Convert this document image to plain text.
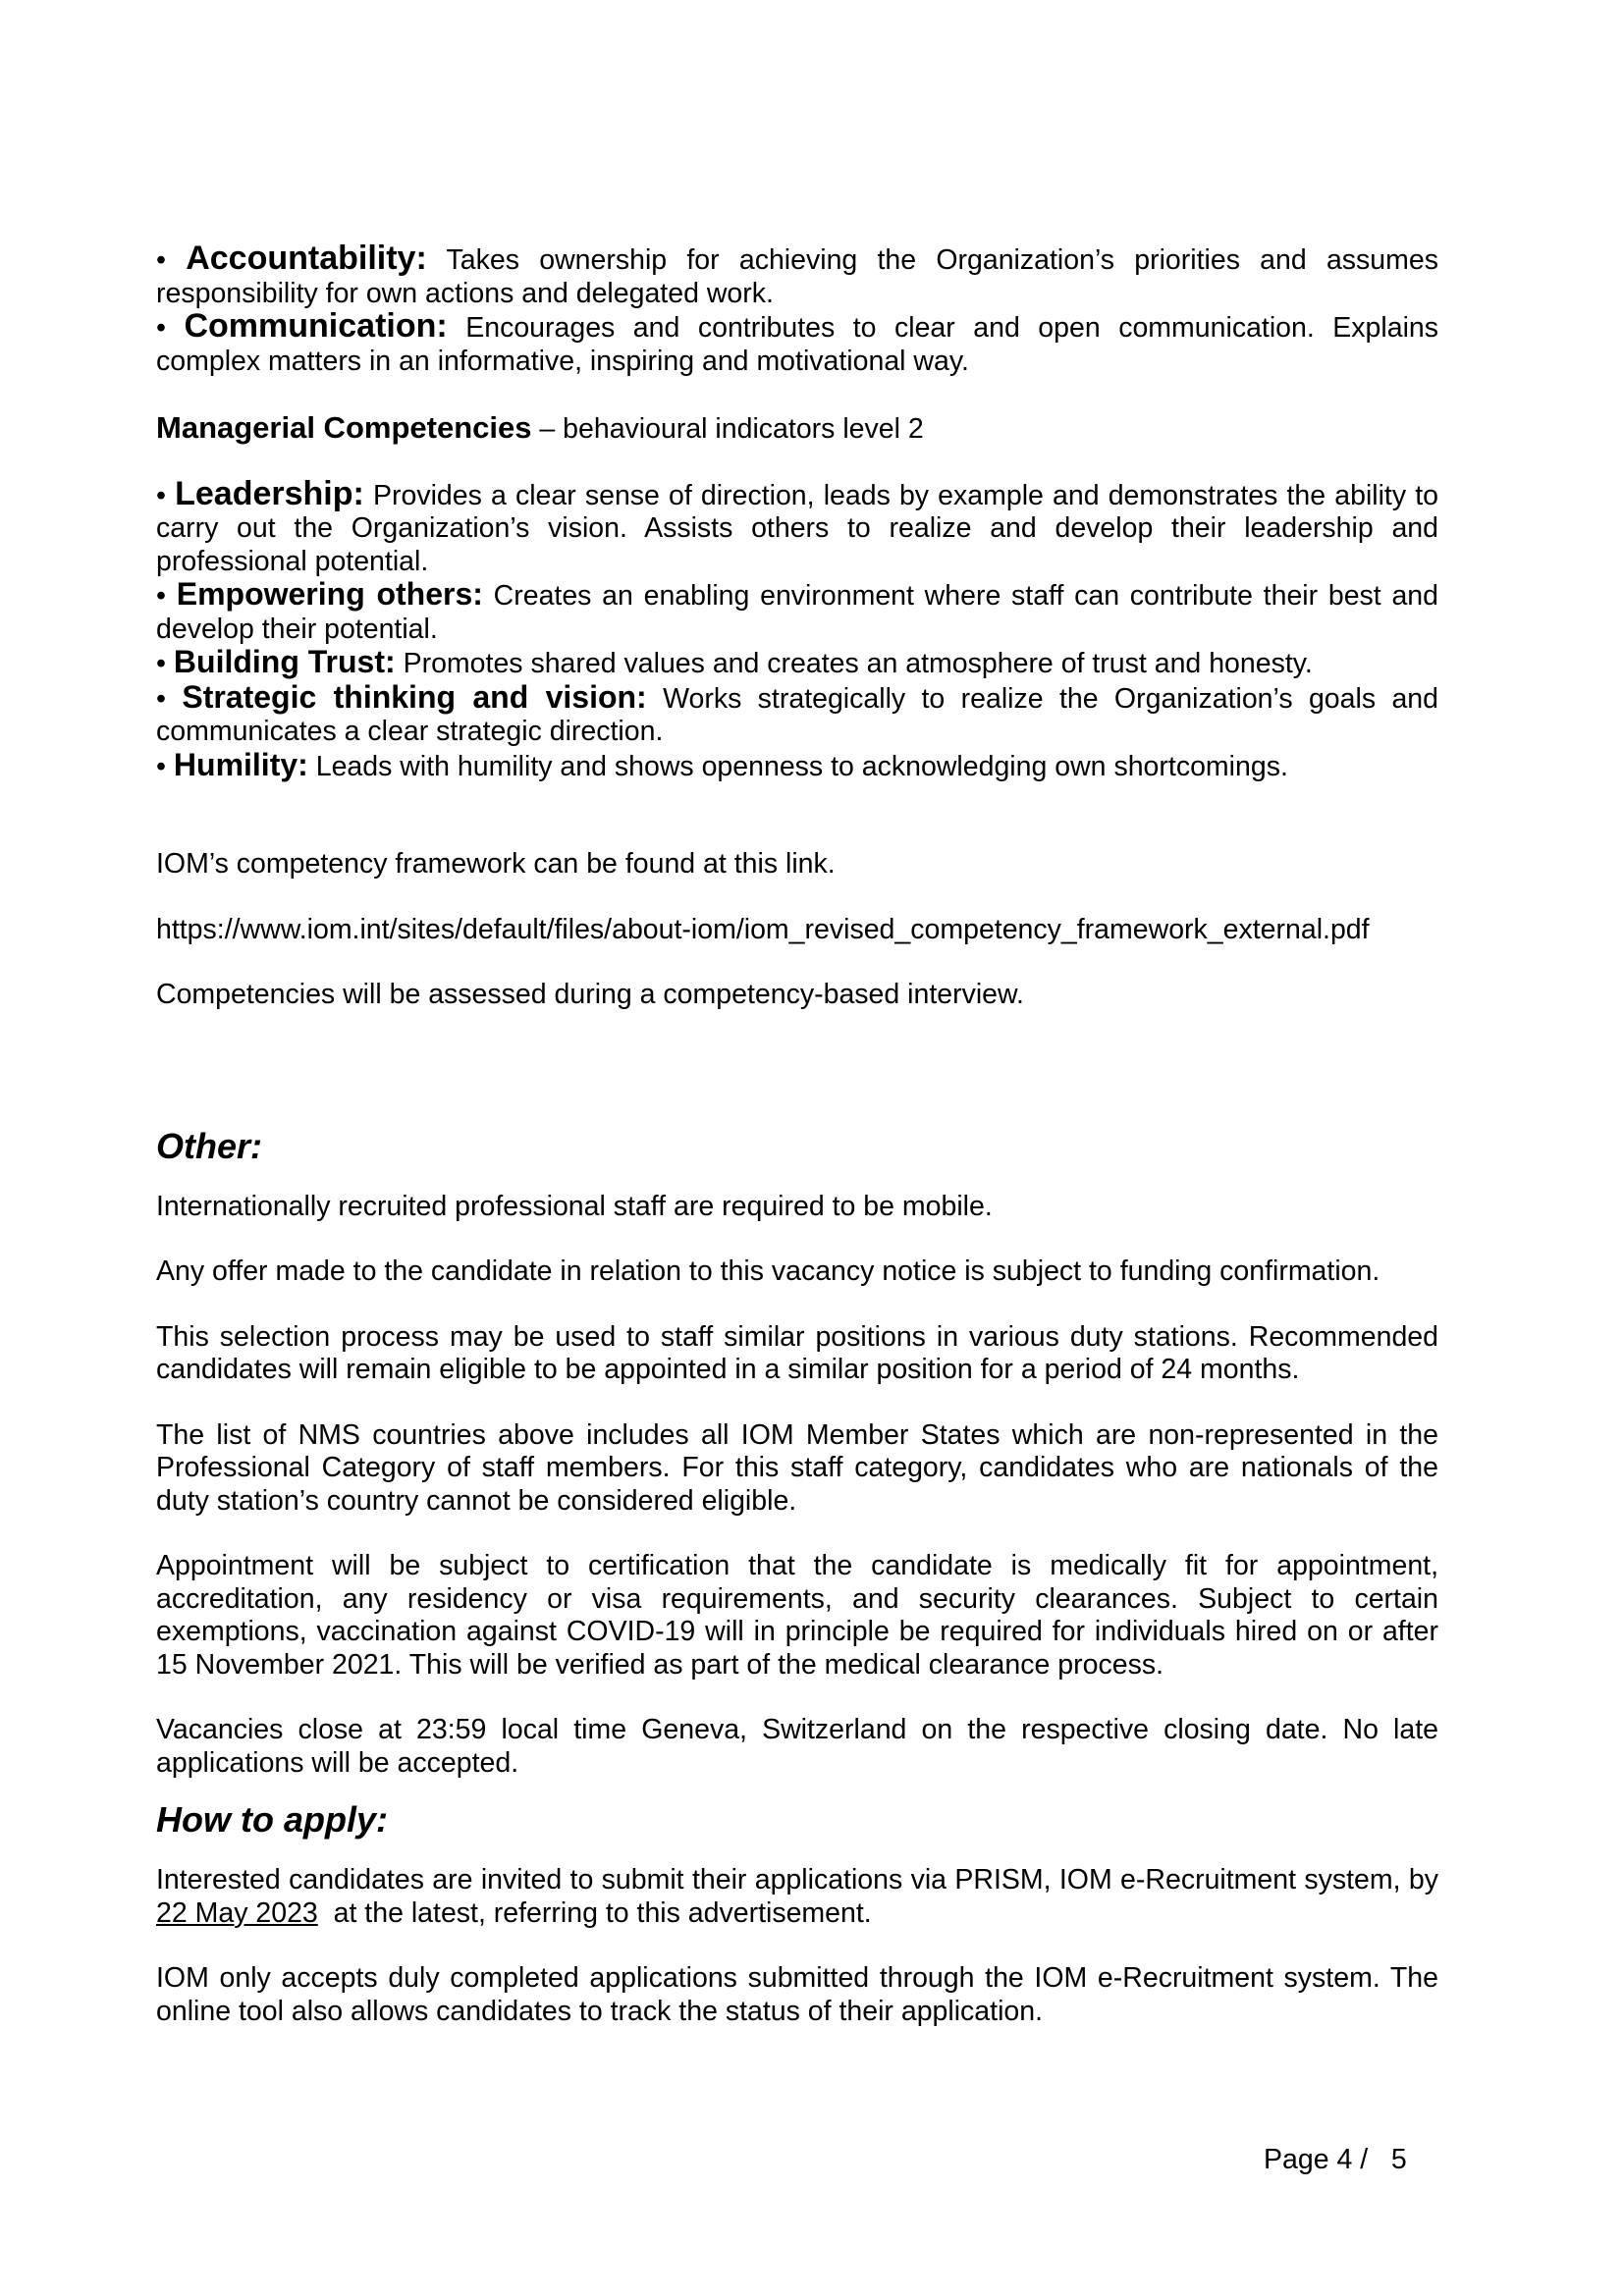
• Accountability: Takes ownership for achieving the Organization’s priorities and assumes responsibility for own actions and delegated work.

• Communication: Encourages and contributes to clear and open communication. Explains complex matters in an informative, inspiring and motivational way.

Managerial Competencies – behavioural indicators level 2

• Leadership: Provides a clear sense of direction, leads by example and demonstrates the ability to carry out the Organization’s vision. Assists others to realize and develop their leadership and professional potential.

• Empowering others: Creates an enabling environment where staff can contribute their best and develop their potential.

• Building Trust: Promotes shared values and creates an atmosphere of trust and honesty.

• Strategic thinking and vision: Works strategically to realize the Organization’s goals and communicates a clear strategic direction.

• Humility: Leads with humility and shows openness to acknowledging own shortcomings.

IOM’s competency framework can be found at this link.

https://www.iom.int/sites/default/files/about-iom/iom_revised_competency_framework_external.pdf

Competencies will be assessed during a competency-based interview.

Other:

Internationally recruited professional staff are required to be mobile.

Any offer made to the candidate in relation to this vacancy notice is subject to funding confirmation.

This selection process may be used to staff similar positions in various duty stations. Recommended candidates will remain eligible to be appointed in a similar position for a period of 24 months.

The list of NMS countries above includes all IOM Member States which are non-represented in the Professional Category of staff members. For this staff category, candidates who are nationals of the duty station’s country cannot be considered eligible.

Appointment will be subject to certification that the candidate is medically fit for appointment, accreditation, any residency or visa requirements, and security clearances. Subject to certain exemptions, vaccination against COVID-19 will in principle be required for individuals hired on or after 15 November 2021. This will be verified as part of the medical clearance process.

Vacancies close at 23:59 local time Geneva, Switzerland on the respective closing date. No late applications will be accepted.

How to apply:

Interested candidates are invited to submit their applications via PRISM, IOM e-Recruitment system, by 22 May 2023  at the latest, referring to this advertisement.

IOM only accepts duly completed applications submitted through the IOM e-Recruitment system. The online tool also allows candidates to track the status of their application.

Page 4 /   5
